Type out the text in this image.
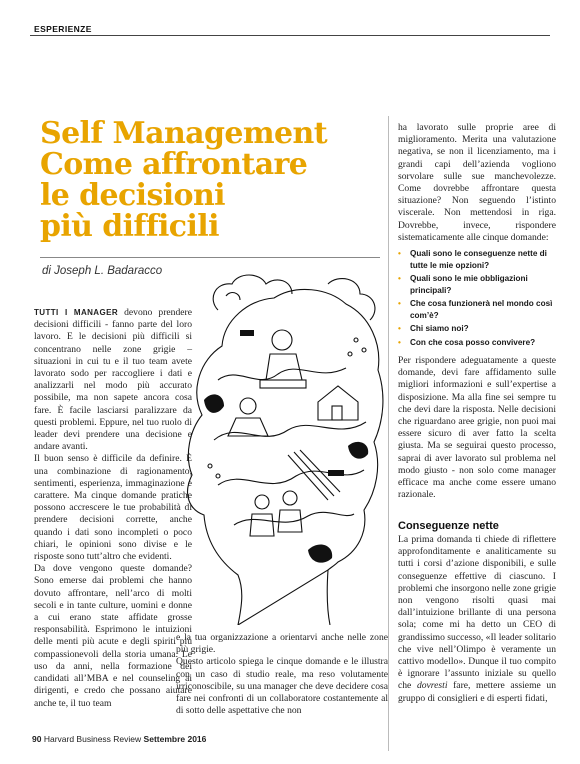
ESPERIENZE
Self Management
Come affrontare
le decisioni
più difficili
di Joseph L. Badaracco

TUTTI I MANAGER devono prendere decisioni difficili - fanno parte del loro lavoro. E le decisioni più difficili si concentrano nelle zone grigie – situazioni in cui tu e il tuo team avete lavorato sodo per raccogliere i dati e analizzarli nel modo più accurato possibile, ma non sapete ancora cosa fare. È facile lasciarsi paralizzare da questi problemi. Eppure, nel tuo ruolo di leader devi prendere una decisione e andare avanti.

Il buon senso è difficile da definire. È una combinazione di ragionamento, sentimenti, esperienza, immaginazione e carattere. Ma cinque domande pratiche possono accrescere le tue probabilità di prendere decisioni corrette, anche quando i dati sono incompleti o poco chiari, le opinioni sono divise e le risposte sono tutt’altro che evidenti.

Da dove vengono queste domande? Sono emerse dai problemi che hanno dovuto affrontare, nell’arco di molti secoli e in tante culture, uomini e donne a cui erano state affidate grosse responsabilità. Esprimono le intuizioni delle menti più acute e degli spiriti più compassionevoli della storia umana. Le uso da anni, nella formazione dei candidati all’MBA e nel counseling ai dirigenti, e credo che possano aiutare anche te, il tuo team

e la tua organizzazione a orientarvi anche nelle zone più grigie.

Questo articolo spiega le cinque domande e le illustra con un caso di studio reale, ma reso volutamente irriconoscibile, su una manager che deve decidere cosa fare nei confronti di un collaboratore costantemente al di sotto delle aspettative che non

ha lavorato sulle proprie aree di miglioramento. Merita una valutazione negativa, se non il licenziamento, ma i grandi capi dell’azienda vogliono sorvolare sulle sue manchevolezze. Come dovrebbe affrontare questa situazione? Non seguendo l’istinto viscerale. Non mettendosi in riga. Dovrebbe, invece, rispondere sistematicamente alle cinque domande:

• Quali sono le conseguenze nette di tutte le mie opzioni?
• Quali sono le mie obbligazioni principali?
• Che cosa funzionerà nel mondo così com’è?
• Chi siamo noi?
• Con che cosa posso convivere?

Per rispondere adeguatamente a queste domande, devi fare affidamento sulle migliori informazioni e sull’expertise a disposizione. Ma alla fine sei sempre tu che devi dare la risposta. Nelle decisioni che riguardano aree grigie, non puoi mai essere sicuro di aver fatto la scelta giusta. Ma se seguirai questo processo, saprai di aver lavorato sul problema nel modo giusto - non solo come manager efficace ma anche come essere umano razionale.

Conseguenze nette

La prima domanda ti chiede di riflettere approfonditamente e analiticamente su tutti i corsi d’azione disponibili, e sulle conseguenze effettive di ciascuno. I problemi che insorgono nelle zone grigie non vengono risolti quasi mai dall’intuizione brillante di una persona sola; come mi ha detto un CEO di grandissimo successo, «Il leader solitario che vive nell’Olimpo è veramente un cattivo modello». Dunque il tuo compito è ignorare l’assunto iniziale su quello che dovresti fare, mettere assieme un gruppo di consiglieri e di esperti fidati,

90 Harvard Business Review Settembre 2016
